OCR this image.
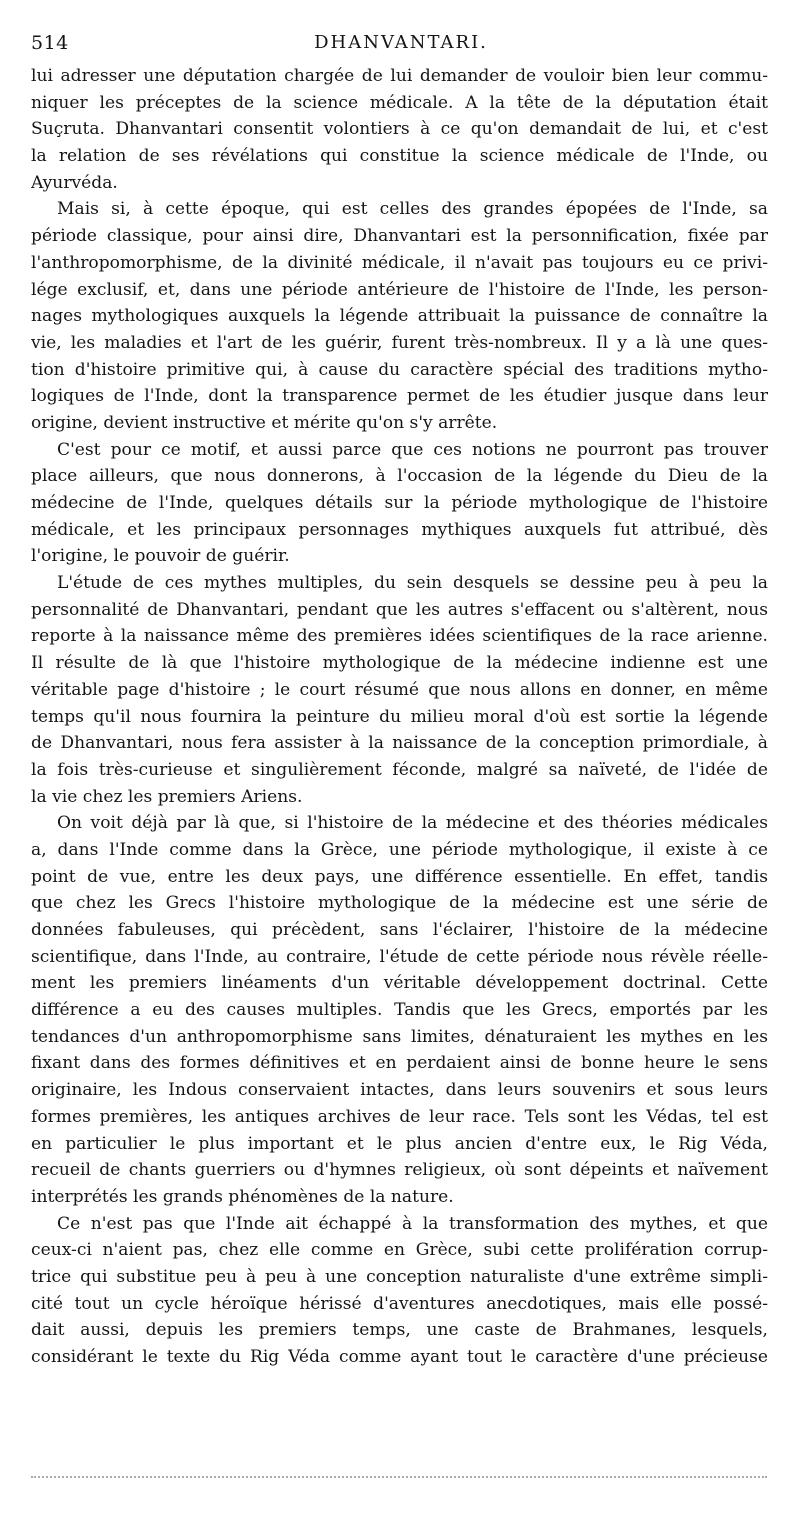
514	DHANVANTARI.
lui adresser une députation chargée de lui demander de vouloir bien leur commu-
niquer les préceptes de la science médicale. A la tête de la députation était
Suçruta. Dhanvantari consentit volontiers à ce qu'on demandait de lui, et c'est
la relation de ses révélations qui constitue la science médicale de l'Inde, ou
Ayurvéda.
Mais si, à cette époque, qui est celles des grandes épopées de l'Inde, sa
période classique, pour ainsi dire, Dhanvantari est la personnification, fixée par
l'anthropomorphisme, de la divinité médicale, il n'avait pas toujours eu ce privi-
lége exclusif, et, dans une période antérieure de l'histoire de l'Inde, les person-
nages mythologiques auxquels la légende attribuait la puissance de connaître la
vie, les maladies et l'art de les guérir, furent très-nombreux. Il y a là une ques-
tion d'histoire primitive qui, à cause du caractère spécial des traditions mytho-
logiques de l'Inde, dont la transparence permet de les étudier jusque dans leur
origine, devient instructive et mérite qu'on s'y arrête.
C'est pour ce motif, et aussi parce que ces notions ne pourront pas trouver
place ailleurs, que nous donnerons, à l'occasion de la légende du Dieu de la
médecine de l'Inde, quelques détails sur la période mythologique de l'histoire
médicale, et les principaux personnages mythiques auxquels fut attribué, dès
l'origine, le pouvoir de guérir.
L'étude de ces mythes multiples, du sein desquels se dessine peu à peu la
personnalité de Dhanvantari, pendant que les autres s'effacent ou s'altèrent, nous
reporte à la naissance même des premières idées scientifiques de la race arienne.
Il résulte de là que l'histoire mythologique de la médecine indienne est une
véritable page d'histoire ; le court résumé que nous allons en donner, en même
temps qu'il nous fournira la peinture du milieu moral d'où est sortie la légende
de Dhanvantari, nous fera assister à la naissance de la conception primordiale, à
la fois très-curieuse et singulièrement féconde, malgré sa naïveté, de l'idée de
la vie chez les premiers Ariens.
On voit déjà par là que, si l'histoire de la médecine et des théories médicales
a, dans l'Inde comme dans la Grèce, une période mythologique, il existe à ce
point de vue, entre les deux pays, une différence essentielle. En effet, tandis
que chez les Grecs l'histoire mythologique de la médecine est une série de
données fabuleuses, qui précèdent, sans l'éclairer, l'histoire de la médecine
scientifique, dans l'Inde, au contraire, l'étude de cette période nous révèle réelle-
ment les premiers linéaments d'un véritable développement doctrinal. Cette
différence a eu des causes multiples. Tandis que les Grecs, emportés par les
tendances d'un anthropomorphisme sans limites, dénaturaient les mythes en les
fixant dans des formes définitives et en perdaient ainsi de bonne heure le sens
originaire, les Indous conservaient intactes, dans leurs souvenirs et sous leurs
formes premières, les antiques archives de leur race. Tels sont les Védas, tel est
en particulier le plus important et le plus ancien d'entre eux, le Rig Véda,
recueil de chants guerriers ou d'hymnes religieux, où sont dépeints et naïvement
interprétés les grands phénomènes de la nature.
Ce n'est pas que l'Inde ait échappé à la transformation des mythes, et que
ceux-ci n'aient pas, chez elle comme en Grèce, subi cette prolifération corrup-
trice qui substitue peu à peu à une conception naturaliste d'une extrême simpli-
cité tout un cycle héroïque hérissé d'aventures anecdotiques, mais elle possé-
dait aussi, depuis les premiers temps, une caste de Brahmanes, lesquels,
considérant le texte du Rig Véda comme ayant tout le caractère d'une précieuse
